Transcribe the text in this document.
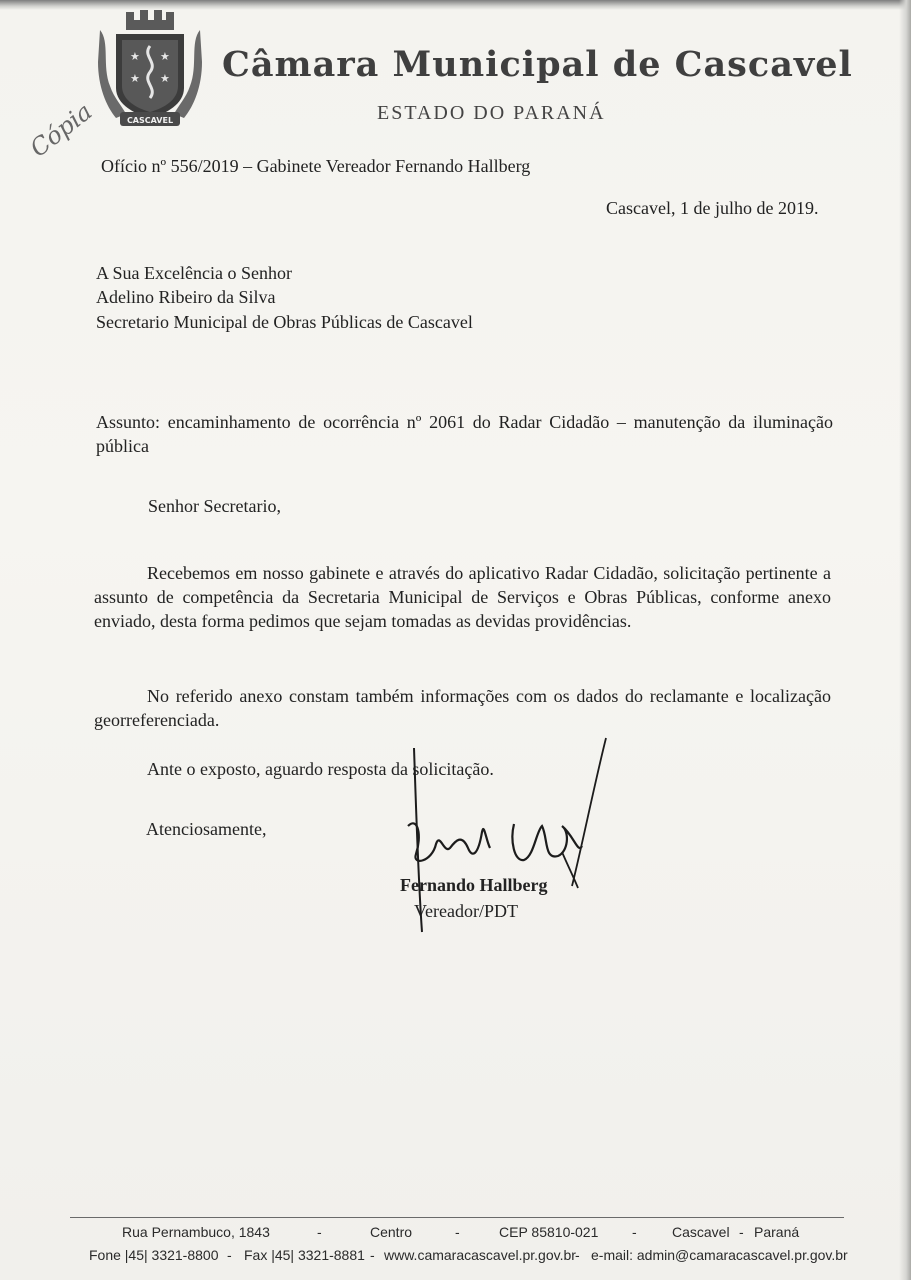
★ ★
★ ★
CASCAVEL
Câmara Municipal de Cascavel
ESTADO DO PARANÁ
Cópia
Ofício nº 556/2019 – Gabinete Vereador Fernando Hallberg
Cascavel, 1 de julho de 2019.
A Sua Excelência o Senhor
Adelino Ribeiro da Silva
Secretario Municipal de Obras Públicas de Cascavel
Assunto: encaminhamento de ocorrência nº 2061 do Radar Cidadão – manutenção da iluminação pública
Senhor Secretario,
Recebemos em nosso gabinete e através do aplicativo Radar Cidadão, solicitação pertinente a assunto de competência da Secretaria Municipal de Serviços e Obras Públicas, conforme anexo enviado, desta forma pedimos que sejam tomadas as devidas providências.
No referido anexo constam também informações com os dados do reclamante e localização georreferenciada.
Ante o exposto, aguardo resposta da solicitação.
Atenciosamente,
Fernando Hallberg
Vereador/PDT
Rua Pernambuco, 1843	-	Centro	-	CEP 85810-021 -	Cascavel - Paraná
Fone |45| 3321-8800 - Fax |45| 3321-8881 - www.camaracascavel.pr.gov.br - e-mail: admin@camaracascavel.pr.gov.br
